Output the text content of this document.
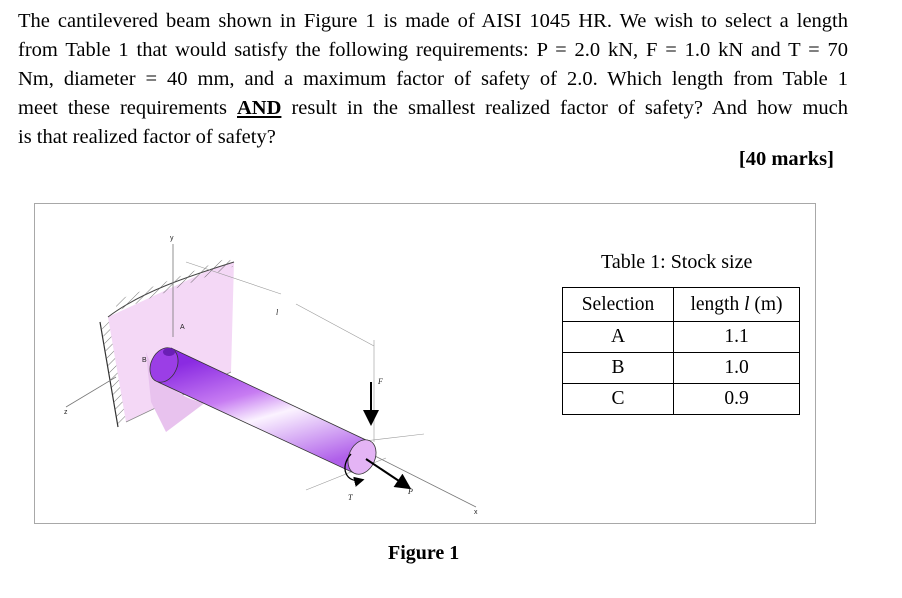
The cantilevered beam shown in Figure 1 is made of AISI 1045 HR. We wish to select a length
from Table 1 that would satisfy the following requirements: P = 2.0 kN, F = 1.0 kN and T = 70
Nm, diameter = 40 mm, and a maximum factor of safety of 2.0. Which length from Table 1
meet these requirements AND result in the smallest realized factor of safety? And how much
is that realized factor of safety?
[40 marks]
y
A
B
l
F
T
P
z
x
Table 1: Stock size
Selection	length l (m)
A	1.1
B	1.0
C	0.9
Figure 1
